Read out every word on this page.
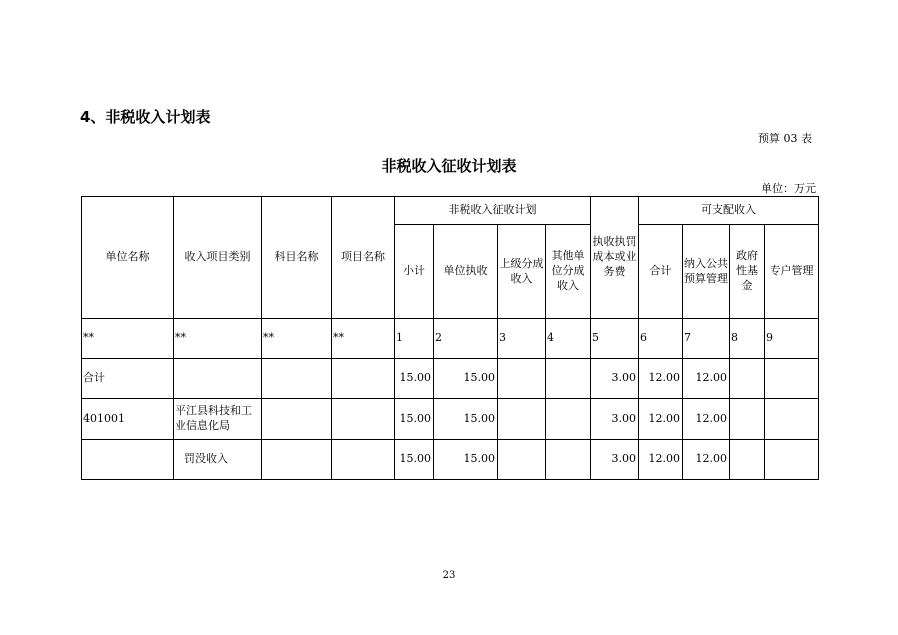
4、非税收入计划表
预算 03 表
非税收入征收计划表
单位：万元
单位名称	收入项目类别	科目名称	项目名称	非税收入征收计划				执收执罚成本或业务费	可支配收入			
				小计	单位执收	上级分成收入	其他单位分成收入		合计	纳入公共预算管理	政府性基金	专户管理
**	**	**	**	1	2	3	4	5	6	7	8	9
合计				15.00	15.00			3.00	12.00	12.00		
401001	平江县科技和工业信息化局			15.00	15.00			3.00	12.00	12.00		
	罚没收入			15.00	15.00			3.00	12.00	12.00		
23
